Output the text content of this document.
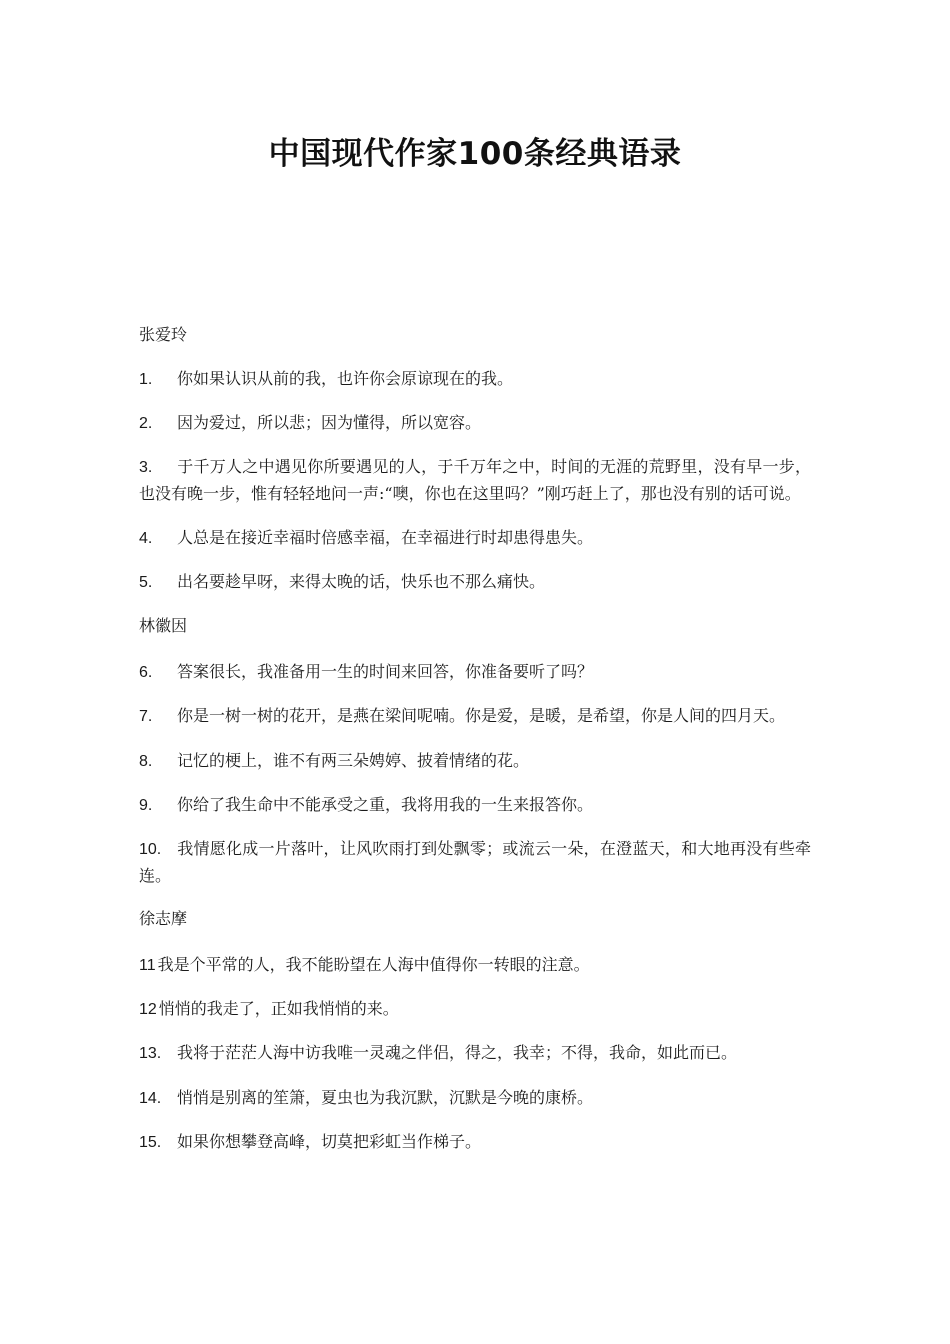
中国现代作家100条经典语录

张爱玲

1. 你如果认识从前的我，也许你会原谅现在的我。

2. 因为爱过，所以悲；因为懂得，所以宽容。

3. 于千万人之中遇见你所要遇见的人，于千万年之中，时间的无涯的荒野里，没有早一步，也没有晚一步，惟有轻轻地问一声:“噢，你也在这里吗？”刚巧赶上了，那也没有别的话可说。

4. 人总是在接近幸福时倍感幸福，在幸福进行时却患得患失。

5. 出名要趁早呀，来得太晚的话，快乐也不那么痛快。

林徽因

6. 答案很长，我准备用一生的时间来回答，你准备要听了吗？

7. 你是一树一树的花开，是燕在梁间呢喃。你是爱，是暖，是希望，你是人间的四月天。

8. 记忆的梗上，谁不有两三朵娉婷、披着情绪的花。

9. 你给了我生命中不能承受之重，我将用我的一生来报答你。

10. 我情愿化成一片落叶，让风吹雨打到处飘零；或流云一朵，在澄蓝天，和大地再没有些牵连。

徐志摩

11 我是个平常的人，我不能盼望在人海中值得你一转眼的注意。

12 悄悄的我走了，正如我悄悄的来。

13. 我将于茫茫人海中访我唯一灵魂之伴侣，得之，我幸；不得，我命，如此而已。

14. 悄悄是别离的笙箫，夏虫也为我沉默，沉默是今晚的康桥。

15. 如果你想攀登高峰，切莫把彩虹当作梯子。
